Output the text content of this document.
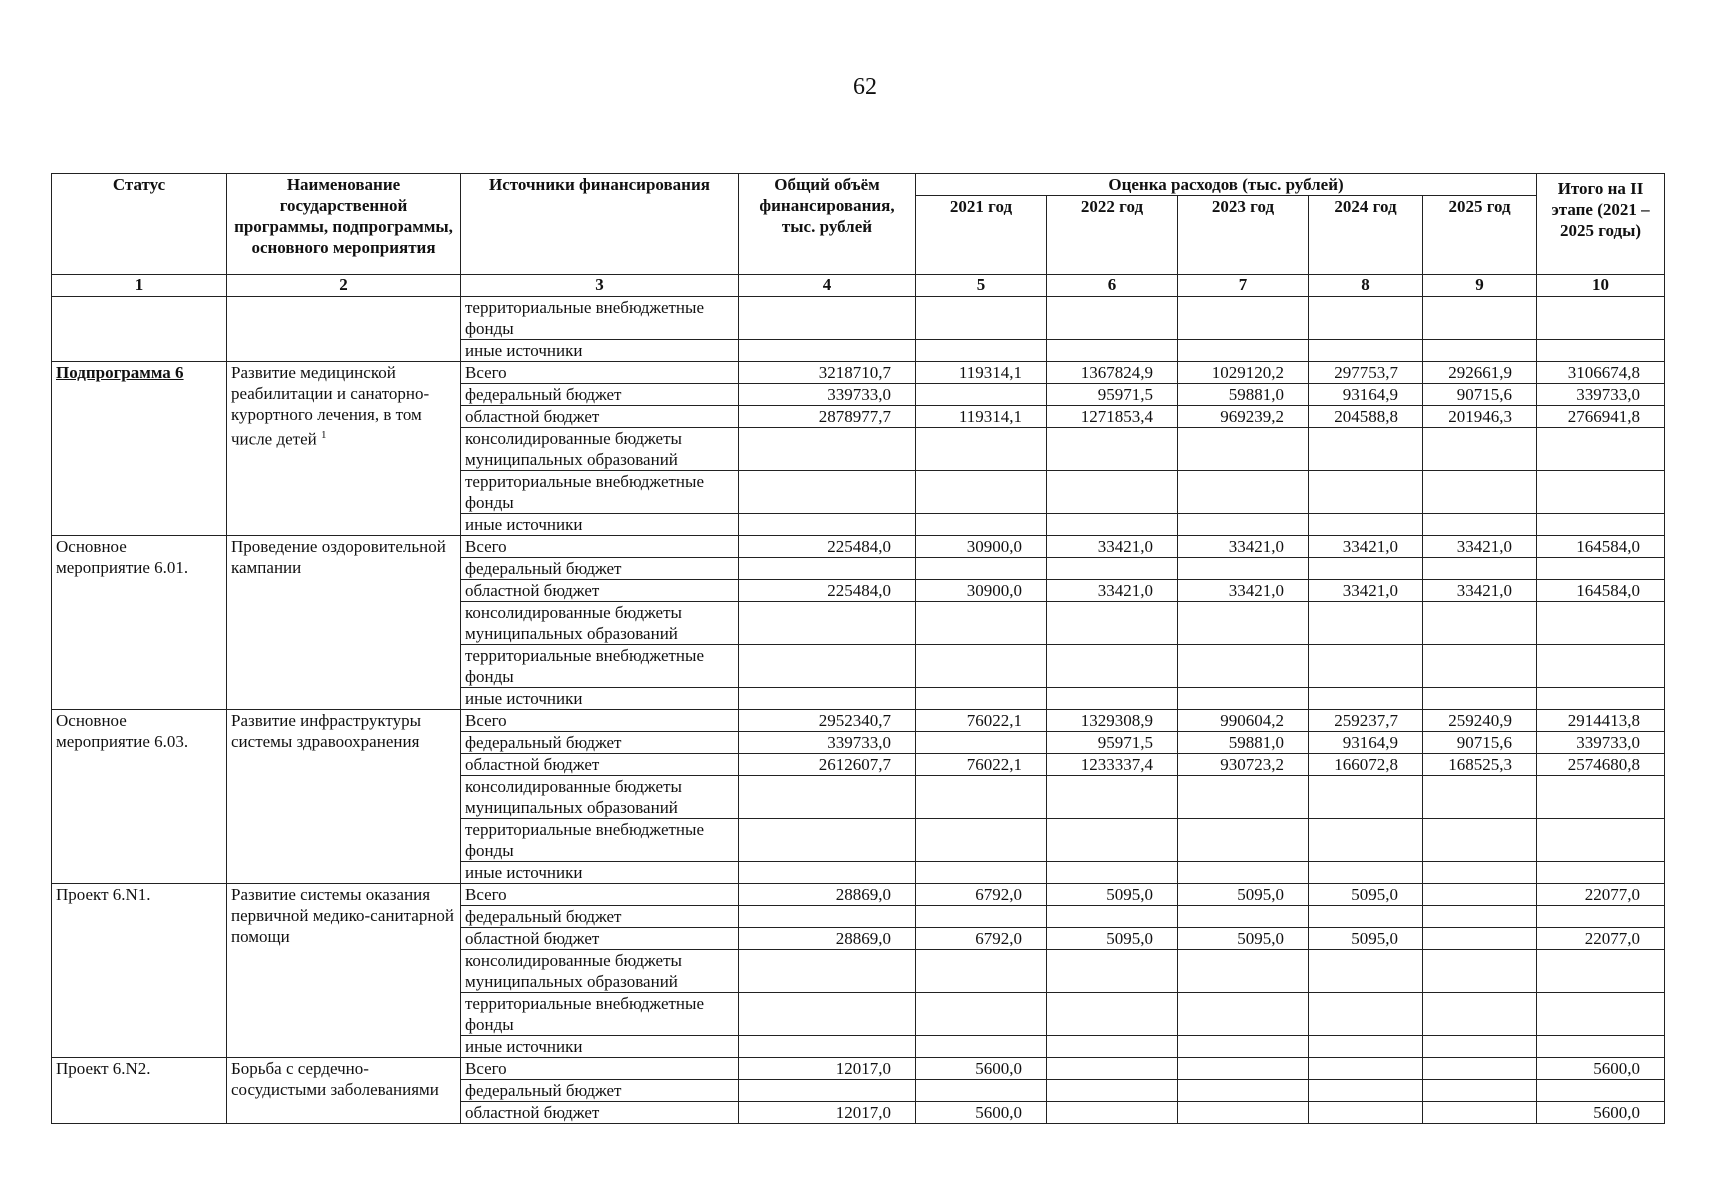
62
Статус	Наименование государственной программы, подпрограммы, основного мероприятия	Источники финансирования	Общий объём финансирования, тыс. рублей	Оценка расходов (тыс. рублей)					Итого на II этапе (2021 – 2025 годы)
				2021 год	2022 год	2023 год	2024 год	2025 год	
1	2	3	4	5	6	7	8	9	10
		территориальные внебюджетные фонды							
		иные источники							
Подпрограмма 6	Развитие медицинской реабилитации и санаторно-курортного лечения, в том числе детей $^1$	Всего	3218710,7	119314,1	1367824,9	1029120,2	297753,7	292661,9	3106674,8
		федеральный бюджет	339733,0		95971,5	59881,0	93164,9	90715,6	339733,0
		областной бюджет	2878977,7	119314,1	1271853,4	969239,2	204588,8	201946,3	2766941,8
		консолидированные бюджеты муниципальных образований							
		территориальные внебюджетные фонды							
		иные источники							
Основное мероприятие 6.01.	Проведение оздоровительной кампании	Всего	225484,0	30900,0	33421,0	33421,0	33421,0	33421,0	164584,0
		федеральный бюджет							
		областной бюджет	225484,0	30900,0	33421,0	33421,0	33421,0	33421,0	164584,0
		консолидированные бюджеты муниципальных образований							
		территориальные внебюджетные фонды							
		иные источники							
Основное мероприятие 6.03.	Развитие инфраструктуры системы здравоохранения	Всего	2952340,7	76022,1	1329308,9	990604,2	259237,7	259240,9	2914413,8
		федеральный бюджет	339733,0		95971,5	59881,0	93164,9	90715,6	339733,0
		областной бюджет	2612607,7	76022,1	1233337,4	930723,2	166072,8	168525,3	2574680,8
		консолидированные бюджеты муниципальных образований							
		территориальные внебюджетные фонды							
		иные источники							
Проект 6.N1.	Развитие системы оказания первичной медико-санитарной помощи	Всего	28869,0	6792,0	5095,0	5095,0	5095,0		22077,0
		федеральный бюджет							
		областной бюджет	28869,0	6792,0	5095,0	5095,0	5095,0		22077,0
		консолидированные бюджеты муниципальных образований							
		территориальные внебюджетные фонды							
		иные источники							
Проект 6.N2.	Борьба с сердечно-сосудистыми заболеваниями	Всего	12017,0	5600,0					5600,0
		федеральный бюджет							
		областной бюджет	12017,0	5600,0					5600,0
